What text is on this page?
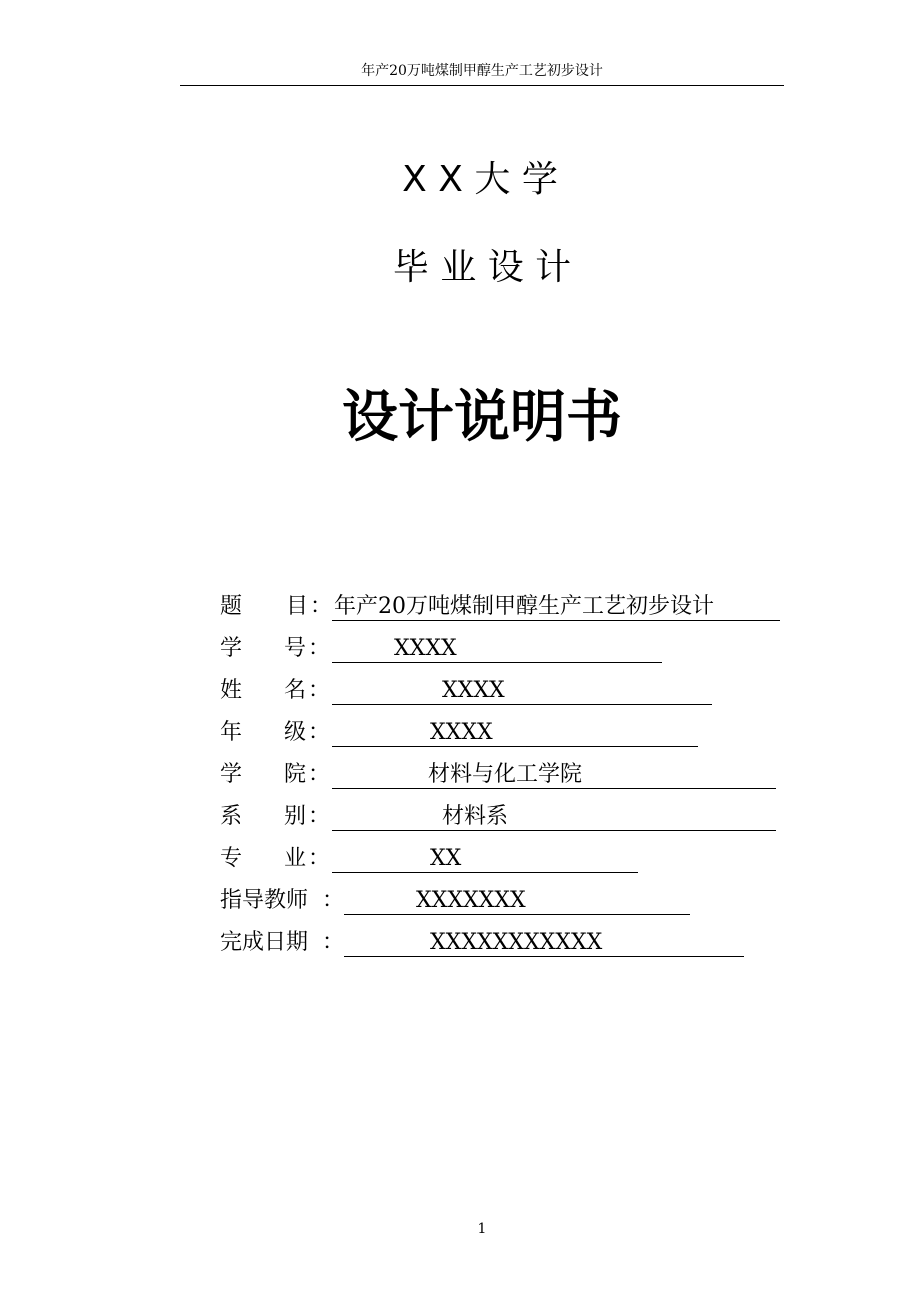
年产20万吨煤制甲醇生产工艺初步设计
X X 大 学
毕 业 设 计
设计说明书
题 目 ： 年产20万吨煤制甲醇生产工艺初步设计
学 号 ：	XXXX
姓 名 ：	XXXX
年 级 ：	XXXX
学 院 ：	材料与化工学院
系 别 ：	材料系
专 业 ：	XX
指导教师 ：	XXXXXXX
完成日期 ：	XXXXXXXXXXX
1
